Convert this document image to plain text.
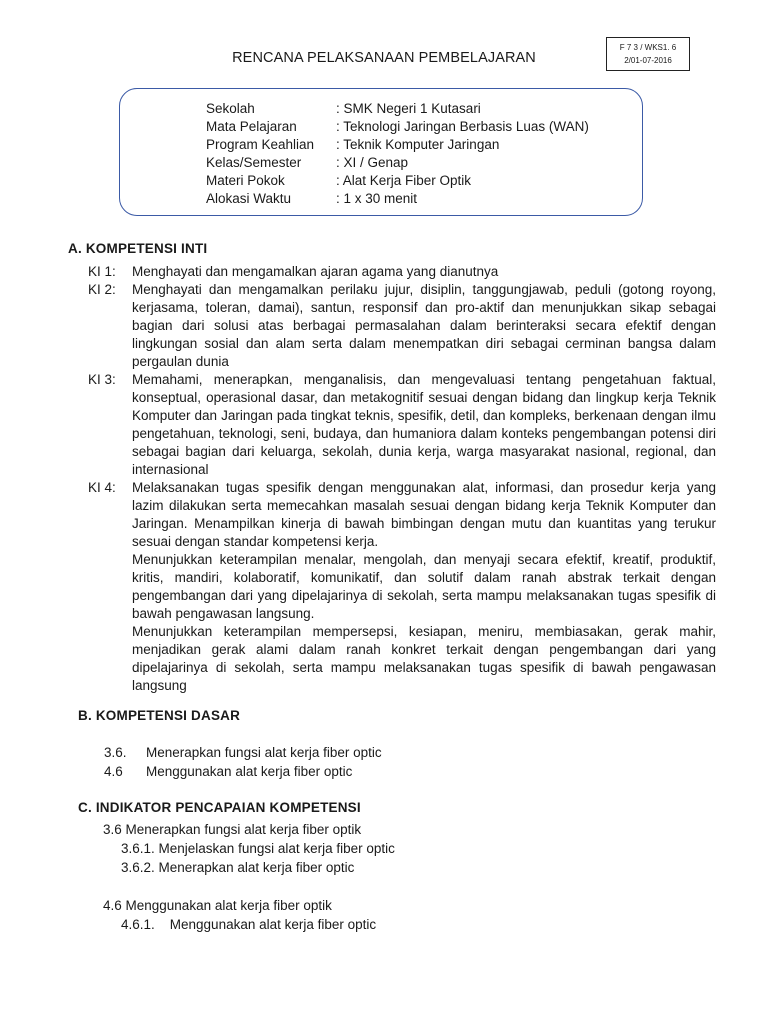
F 7 3 / WKS1. 6
2/01-07-2016
RENCANA PELAKSANAAN PEMBELAJARAN
Sekolah	: SMK Negeri 1 Kutasari
Mata Pelajaran	: Teknologi Jaringan Berbasis Luas (WAN)
Program Keahlian	: Teknik Komputer Jaringan
Kelas/Semester	: XI / Genap
Materi Pokok	: Alat Kerja Fiber Optik
Alokasi Waktu	: 1 x 30 menit
A. KOMPETENSI INTI
KI 1:	Menghayati dan mengamalkan ajaran agama yang dianutnya

KI 2:	Menghayati dan mengamalkan perilaku jujur, disiplin, tanggungjawab, peduli (gotong royong, kerjasama, toleran, damai), santun, responsif dan pro-aktif dan menunjukkan sikap sebagai bagian dari solusi atas berbagai permasalahan dalam berinteraksi secara efektif dengan lingkungan sosial dan alam serta dalam menempatkan diri sebagai cerminan bangsa dalam pergaulan dunia

KI 3:	Memahami, menerapkan, menganalisis, dan mengevaluasi tentang pengetahuan faktual, konseptual, operasional dasar, dan metakognitif sesuai dengan bidang dan lingkup kerja Teknik Komputer dan Jaringan pada tingkat teknis, spesifik, detil, dan kompleks, berkenaan dengan ilmu pengetahuan, teknologi, seni, budaya, dan humaniora dalam konteks pengembangan potensi diri sebagai bagian dari keluarga, sekolah, dunia kerja, warga masyarakat nasional, regional, dan internasional

KI 4:	Melaksanakan tugas spesifik dengan menggunakan alat, informasi, dan prosedur kerja yang lazim dilakukan serta memecahkan masalah sesuai dengan bidang kerja Teknik Komputer dan Jaringan. Menampilkan kinerja di bawah bimbingan dengan mutu dan kuantitas yang terukur sesuai dengan standar kompetensi kerja.

Menunjukkan keterampilan menalar, mengolah, dan menyaji secara efektif, kreatif, produktif, kritis, mandiri, kolaboratif, komunikatif, dan solutif dalam ranah abstrak terkait dengan pengembangan dari yang dipelajarinya di sekolah, serta mampu melaksanakan tugas spesifik di bawah pengawasan langsung.

Menunjukkan keterampilan mempersepsi, kesiapan, meniru, membiasakan, gerak mahir, menjadikan gerak alami dalam ranah konkret terkait dengan pengembangan dari yang dipelajarinya di sekolah, serta mampu melaksanakan tugas spesifik di bawah pengawasan langsung

B. KOMPETENSI DASAR
3.6.	Menerapkan fungsi alat kerja fiber optic
4.6	Menggunakan alat kerja fiber optic
C. INDIKATOR PENCAPAIAN KOMPETENSI
3.6 Menerapkan fungsi alat kerja fiber optik
3.6.1. Menjelaskan fungsi alat kerja fiber optic
3.6.2. Menerapkan alat kerja fiber optic
4.6 Menggunakan alat kerja fiber optik
4.6.1.    Menggunakan alat kerja fiber optic
